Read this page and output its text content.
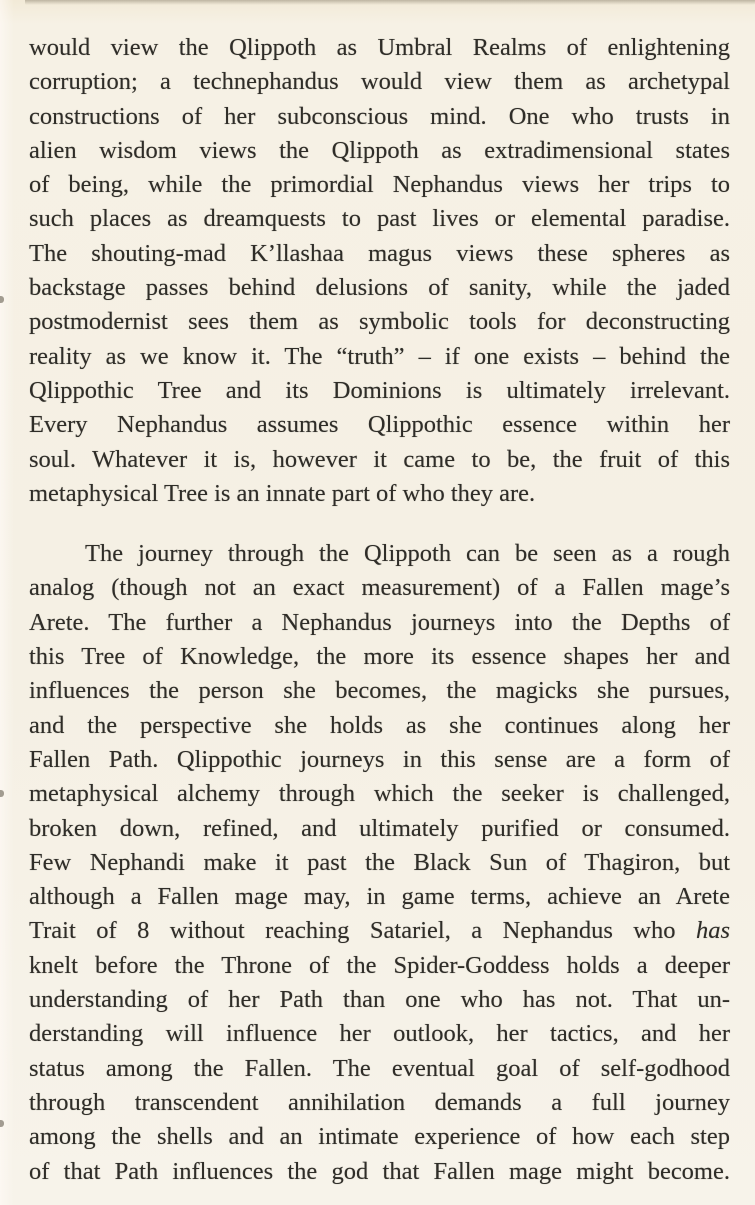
would view the Qlippoth as Umbral Realms of enlightening
corruption; a technephandus would view them as archetypal
constructions of her subconscious mind. One who trusts in
alien wisdom views the Qlippoth as extradimensional states
of being, while the primordial Nephandus views her trips to
such places as dreamquests to past lives or elemental paradise.
The shouting-mad K’llashaa magus views these spheres as
backstage passes behind delusions of sanity, while the jaded
postmodernist sees them as symbolic tools for deconstructing
reality as we know it. The “truth” – if one exists – behind the
Qlippothic Tree and its Dominions is ultimately irrelevant.
Every Nephandus assumes Qlippothic essence within her
soul. Whatever it is, however it came to be, the fruit of this
metaphysical Tree is an innate part of who they are.
The journey through the Qlippoth can be seen as a rough
analog (though not an exact measurement) of a Fallen mage’s
Arete. The further a Nephandus journeys into the Depths of
this Tree of Knowledge, the more its essence shapes her and
influences the person she becomes, the magicks she pursues,
and the perspective she holds as she continues along her
Fallen Path. Qlippothic journeys in this sense are a form of
metaphysical alchemy through which the seeker is challenged,
broken down, refined, and ultimately purified or consumed.
Few Nephandi make it past the Black Sun of Thagiron, but
although a Fallen mage may, in game terms, achieve an Arete
Trait of 8 without reaching Satariel, a Nephandus who has
knelt before the Throne of the Spider-Goddess holds a deeper
understanding of her Path than one who has not. That un-
derstanding will influence her outlook, her tactics, and her
status among the Fallen. The eventual goal of self-godhood
through transcendent annihilation demands a full journey
among the shells and an intimate experience of how each step
of that Path influences the god that Fallen mage might become.
